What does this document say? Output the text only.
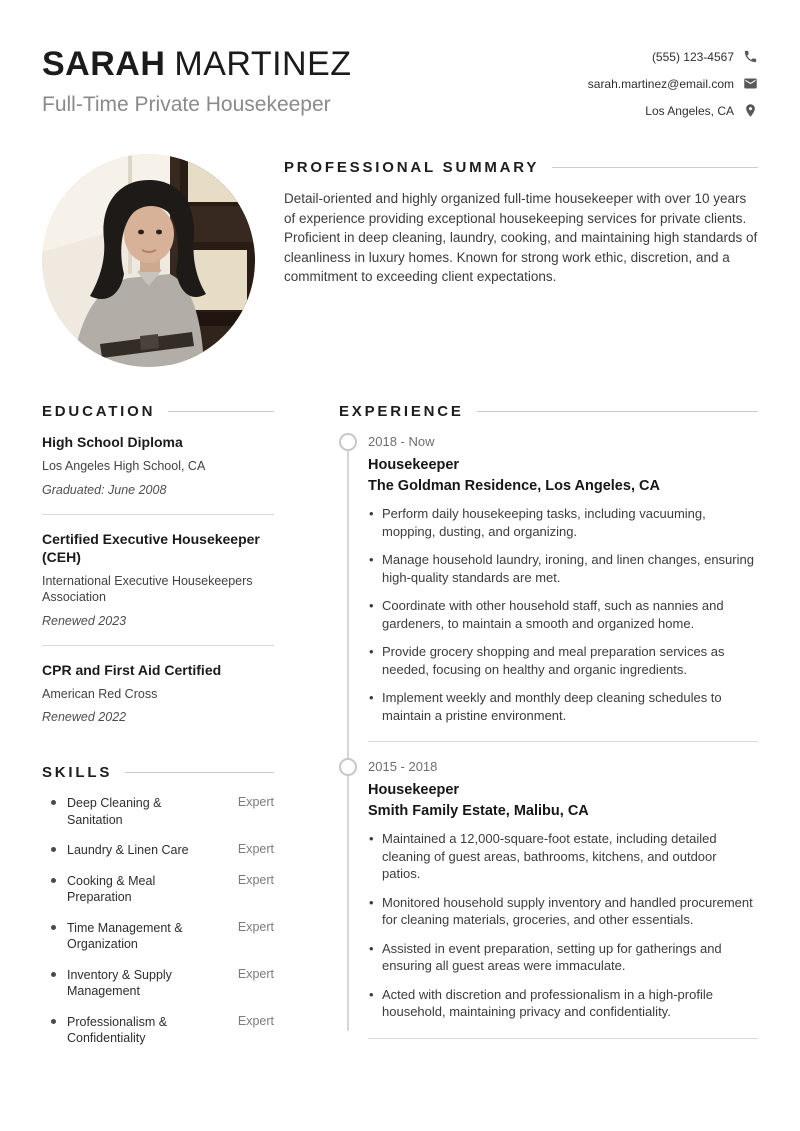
SARAH MARTINEZ
Full-Time Private Housekeeper
(555) 123-4567
sarah.martinez@email.com
Los Angeles, CA
PROFESSIONAL SUMMARY

Detail-oriented and highly organized full-time housekeeper with over 10 years of experience providing exceptional housekeeping services for private clients. Proficient in deep cleaning, laundry, cooking, and maintaining high standards of cleanliness in luxury homes. Known for strong work ethic, discretion, and a commitment to exceeding client expectations.

EDUCATION
High School Diploma
Los Angeles High School, CA
Graduated: June 2008
Certified Executive Housekeeper (CEH)
International Executive Housekeepers Association
Renewed 2023
CPR and First Aid Certified
American Red Cross
Renewed 2022
SKILLS
Deep Cleaning & Sanitation
Expert
Laundry & Linen Care	Expert
Cooking & Meal Preparation
Expert
Time Management & Organization
Expert
Inventory & Supply Management
Expert
Professionalism & Confidentiality
Expert
EXPERIENCE
2018 - Now
Housekeeper
The Goldman Residence, Los Angeles, CA
• Perform daily housekeeping tasks, including vacuuming, mopping, dusting, and organizing.
• Manage household laundry, ironing, and linen changes, ensuring high-quality standards are met.
• Coordinate with other household staff, such as nannies and gardeners, to maintain a smooth and organized home.
• Provide grocery shopping and meal preparation services as needed, focusing on healthy and organic ingredients.
• Implement weekly and monthly deep cleaning schedules to maintain a pristine environment.
2015 - 2018
Housekeeper
Smith Family Estate, Malibu, CA
• Maintained a 12,000-square-foot estate, including detailed cleaning of guest areas, bathrooms, kitchens, and outdoor patios.
• Monitored household supply inventory and handled procurement for cleaning materials, groceries, and other essentials.
• Assisted in event preparation, setting up for gatherings and ensuring all guest areas were immaculate.
• Acted with discretion and professionalism in a high-profile household, maintaining privacy and confidentiality.
